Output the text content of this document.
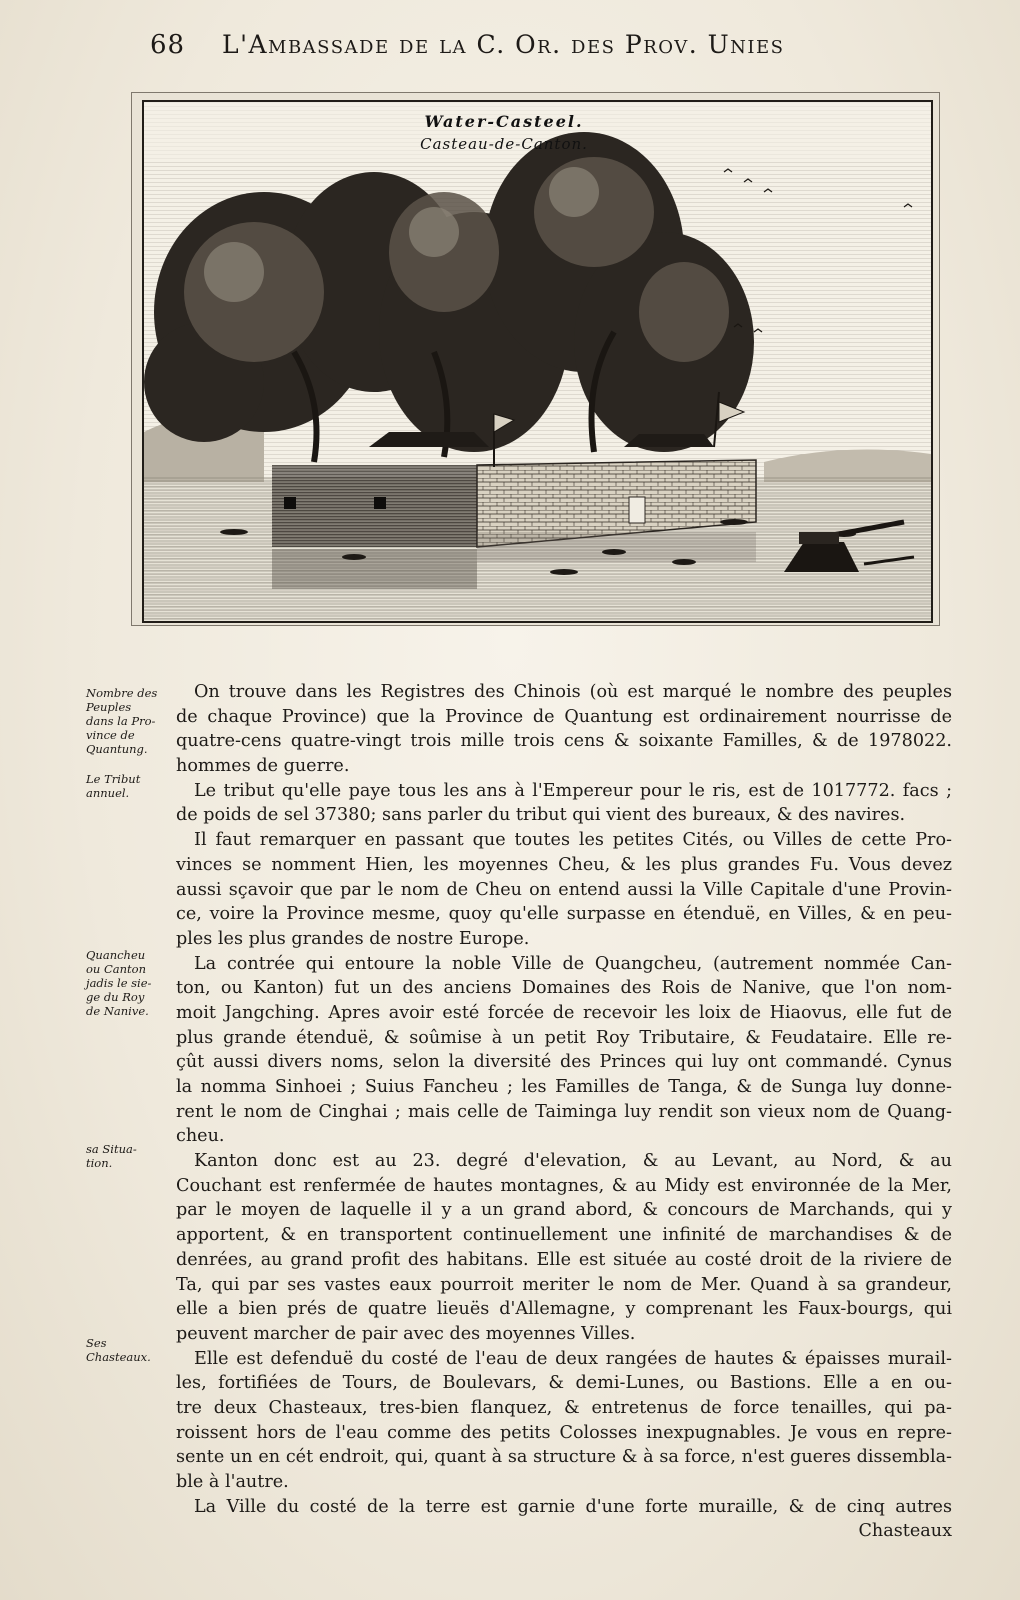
68 L'Ambassade de la C. Or. des Prov. Unies
Water-Casteel.
Casteau-de-Canton.
On trouve dans les Registres des Chinois (où est marqué le nombre des peuples
de chaque Province) que la Province de Quantung est ordinairement nourrisse de
quatre-cens quatre-vingt trois mille trois cens & soixante Familles, & de 1978022.
hommes de guerre.
Le tribut qu'elle paye tous les ans à l'Empereur pour le ris, est de 1017772. facs ;
de poids de sel 37380; sans parler du tribut qui vient des bureaux, & des navires.
Il faut remarquer en passant que toutes les petites Cités, ou Villes de cette Pro-
vinces se nomment Hien, les moyennes Cheu, & les plus grandes Fu. Vous devez
aussi sçavoir que par le nom de Cheu on entend aussi la Ville Capitale d'une Provin-
ce, voire la Province mesme, quoy qu'elle surpasse en étenduë, en Villes, & en peu-
ples les plus grandes de nostre Europe.
La contrée qui entoure la noble Ville de Quangcheu, (autrement nommée Can-
ton, ou Kanton) fut un des anciens Domaines des Rois de Nanive, que l'on nom-
moit Jangching. Apres avoir esté forcée de recevoir les loix de Hiaovus, elle fut de
plus grande étenduë, & soûmise à un petit Roy Tributaire, & Feudataire. Elle re-
çût aussi divers noms, selon la diversité des Princes qui luy ont commandé. Cynus
la nomma Sinhoei ; Suius Fancheu ; les Familles de Tanga, & de Sunga luy donne-
rent le nom de Cinghai ; mais celle de Taiminga luy rendit son vieux nom de Quang-
cheu.
Kanton donc est au 23. degré d'elevation, & au Levant, au Nord, & au
Couchant est renfermée de hautes montagnes, & au Midy est environnée de la Mer,
par le moyen de laquelle il y a un grand abord, & concours de Marchands, qui y
apportent, & en transportent continuellement une infinité de marchandises & de
denrées, au grand profit des habitans. Elle est située au costé droit de la riviere de
Ta, qui par ses vastes eaux pourroit meriter le nom de Mer. Quand à sa grandeur,
elle a bien prés de quatre lieuës d'Allemagne, y comprenant les Faux-bourgs, qui
peuvent marcher de pair avec des moyennes Villes.
Elle est defenduë du costé de l'eau de deux rangées de hautes & épaisses murail-
les, fortifiées de Tours, de Boulevars, & demi-Lunes, ou Bastions. Elle a en ou-
tre deux Chasteaux, tres-bien flanquez, & entretenus de force tenailles, qui pa-
roissent hors de l'eau comme des petits Colosses inexpugnables. Je vous en repre-
sente un en cét endroit, qui, quant à sa structure & à sa force, n'est gueres dissembla-
ble à l'autre.
La Ville du costé de la terre est garnie d'une forte muraille, & de cinq autres
Chasteaux
Nombre des
Peuples
dans la Pro-
vince de
Quantung.
Le Tribut
annuel.
Quancheu
ou Canton
jadis le sie-
ge du Roy
de Nanive.
sa Situa-
tion.
Ses
Chasteaux.
